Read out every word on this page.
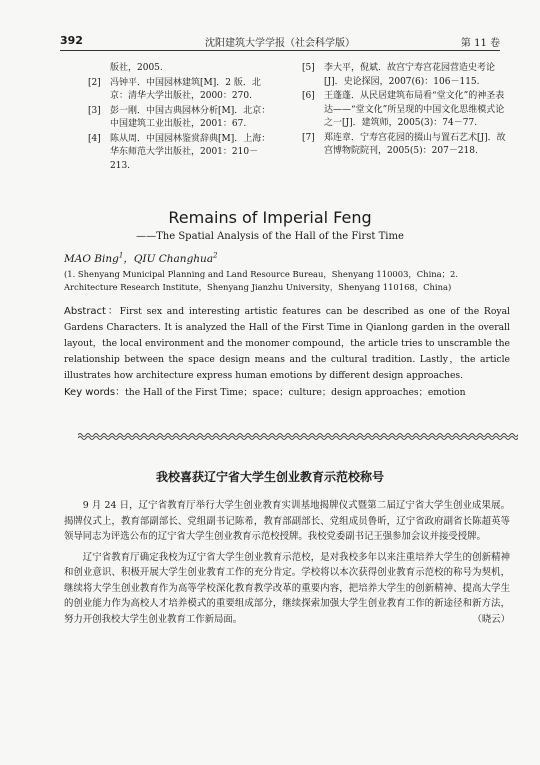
392	沈阳建筑大学学报（社会科学版）	第 11 卷
版社，2005.
[2] 冯钟平．中国园林建筑[M]．2 版．北京：清华大学出版社，2000：270.
[3] 彭一刚．中国古典园林分析[M]．北京：中国建筑工业出版社，2001：67.
[4] 陈从周．中国园林鉴赏辞典[M]．上海：华东师范大学出版社，2001：210－213.
[5] 李大平，倪斌．故宫宁寿宫花园营造史考论[J]．史论探园，2007(6)：106－115.
[6] 王蓬蓬．从民居建筑布局看“堂文化”的神圣表达——“堂文化”所呈现的中国文化思维模式论之一[J]．建筑师，2005(3)：74－77.
[7] 郑连章．宁寿宫花园的掇山与置石艺术[J]．故宫博物院院刊，2005(5)：207－218.
Remains of Imperial Feng
——The Spatial Analysis of the Hall of the First Time
MAO Bing$^1$，QIU Changhua$^2$
(1. Shenyang Municipal Planning and Land Resource Bureau，Shenyang 110003，China；2. Architecture Research Institute，Shenyang Jianzhu University，Shenyang 110168，China)
Abstract：First sex and interesting artistic features can be described as one of the Royal Gardens Characters. It is analyzed the Hall of the First Time in Qianlong garden in the overall layout，the local environment and the monomer compound，the article tries to unscramble the relationship between the space design means and the cultural tradition. Lastly，the article illustrates how architecture express human emotions by different design approaches.
Key words：the Hall of the First Time；space；culture；design approaches；emotion
我校喜获辽宁省大学生创业教育示范校称号

9 月 24 日，辽宁省教育厅举行大学生创业教育实训基地揭牌仪式暨第二届辽宁省大学生创业成果展。揭牌仪式上，教育部副部长、党组副书记陈希，教育部副部长、党组成员鲁昕，辽宁省政府副省长陈超英等领导同志为评选公布的辽宁省大学生创业教育示范校授牌。我校党委副书记王强参加会议并接受授牌。

辽宁省教育厅确定我校为辽宁省大学生创业教育示范校，是对我校多年以来注重培养大学生的创新精神和创业意识、积极开展大学生创业教育工作的充分肯定。学校将以本次获得创业教育示范校的称号为契机，继续将大学生创业教育作为高等学校深化教育教学改革的重要内容，把培养大学生的创新精神、提高大学生的创业能力作为高校人才培养模式的重要组成部分，继续探索加强大学生创业教育工作的新途径和新方法，努力开创我校大学生创业教育工作新局面。	（晓云）
